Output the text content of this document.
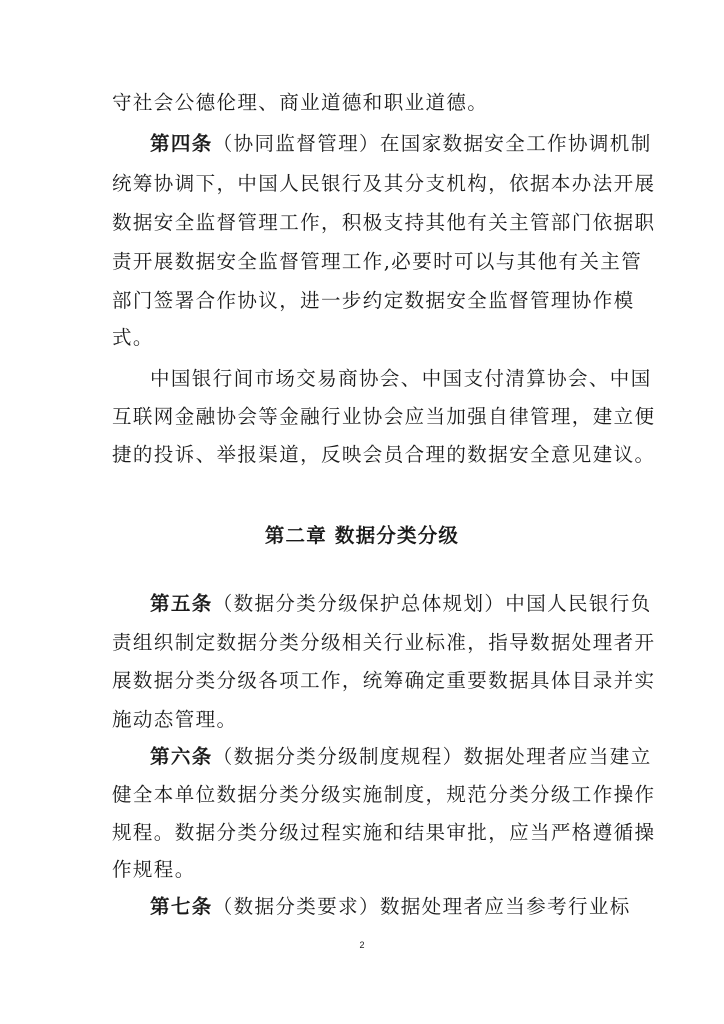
守社会公德伦理、商业道德和职业道德。
第四条（协同监督管理）在国家数据安全工作协调机制
统筹协调下，中国人民银行及其分支机构，依据本办法开展
数据安全监督管理工作，积极支持其他有关主管部门依据职
责开展数据安全监督管理工作,必要时可以与其他有关主管
部门签署合作协议，进一步约定数据安全监督管理协作模
式。
中国银行间市场交易商协会、中国支付清算协会、中国
互联网金融协会等金融行业协会应当加强自律管理，建立便
捷的投诉、举报渠道，反映会员合理的数据安全意见建议。
第二章 数据分类分级
第五条（数据分类分级保护总体规划）中国人民银行负
责组织制定数据分类分级相关行业标准，指导数据处理者开
展数据分类分级各项工作，统筹确定重要数据具体目录并实
施动态管理。
第六条（数据分类分级制度规程）数据处理者应当建立
健全本单位数据分类分级实施制度，规范分类分级工作操作
规程。数据分类分级过程实施和结果审批，应当严格遵循操
作规程。
第七条（数据分类要求）数据处理者应当参考行业标
2
